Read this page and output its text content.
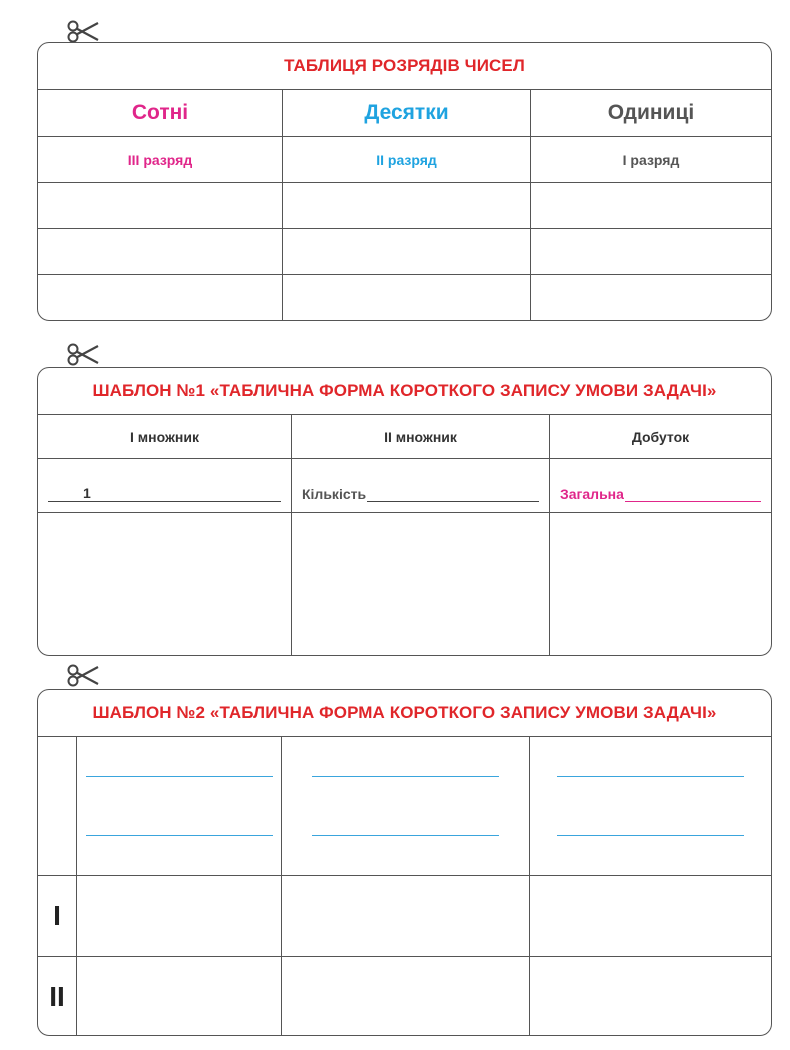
ТАБЛИЦЯ РОЗРЯДІВ ЧИСЕЛ
Сотні	Десятки	Одиниці
III разряд	II разряд	I разряд
ШАБЛОН №1 «ТАБЛИЧНА ФОРМА КОРОТКОГО ЗАПИСУ УМОВИ ЗАДАЧІ»
I множник	II множник	Добуток
1	Кількість	Загальна
ШАБЛОН №2 «ТАБЛИЧНА ФОРМА КОРОТКОГО ЗАПИСУ УМОВИ ЗАДАЧІ»
I
II
